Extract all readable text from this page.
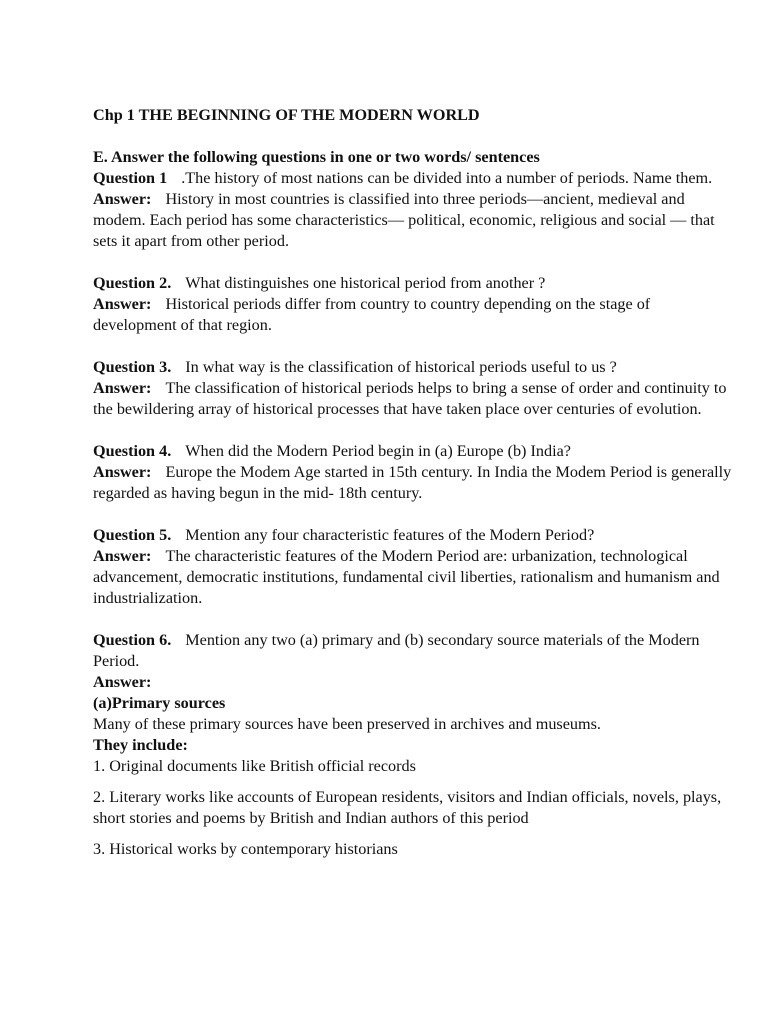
Chp 1 THE BEGINNING OF THE MODERN WORLD

E. Answer the following questions in one or two words/ sentences

Question 1 .The history of most nations can be divided into a number of periods. Name them.

Answer: History in most countries is classified into three periods—ancient, medieval and modem. Each period has some characteristics— political, economic, religious and social — that sets it apart from other period.

Question 2. What distinguishes one historical period from another ?

Answer: Historical periods differ from country to country depending on the stage of development of that region.

Question 3. In what way is the classification of historical periods useful to us ?

Answer: The classification of historical periods helps to bring a sense of order and continuity to the bewildering array of historical processes that have taken place over centuries of evolution.

Question 4. When did the Modern Period begin in (a) Europe (b) India?

Answer: Europe the Modem Age started in 15th century. In India the Modem Period is generally regarded as having begun in the mid- 18th century.

Question 5. Mention any four characteristic features of the Modern Period?

Answer: The characteristic features of the Modern Period are: urbanization, technological advancement, democratic institutions, fundamental civil liberties, rationalism and humanism and industrialization.

Question 6. Mention any two (a) primary and (b) secondary source materials of the Modern Period.

Answer:

(a)Primary sources

Many of these primary sources have been preserved in archives and museums.

They include:

1. Original documents like British official records

2. Literary works like accounts of European residents, visitors and Indian officials, novels, plays, short stories and poems by British and Indian authors of this period

3. Historical works by contemporary historians
